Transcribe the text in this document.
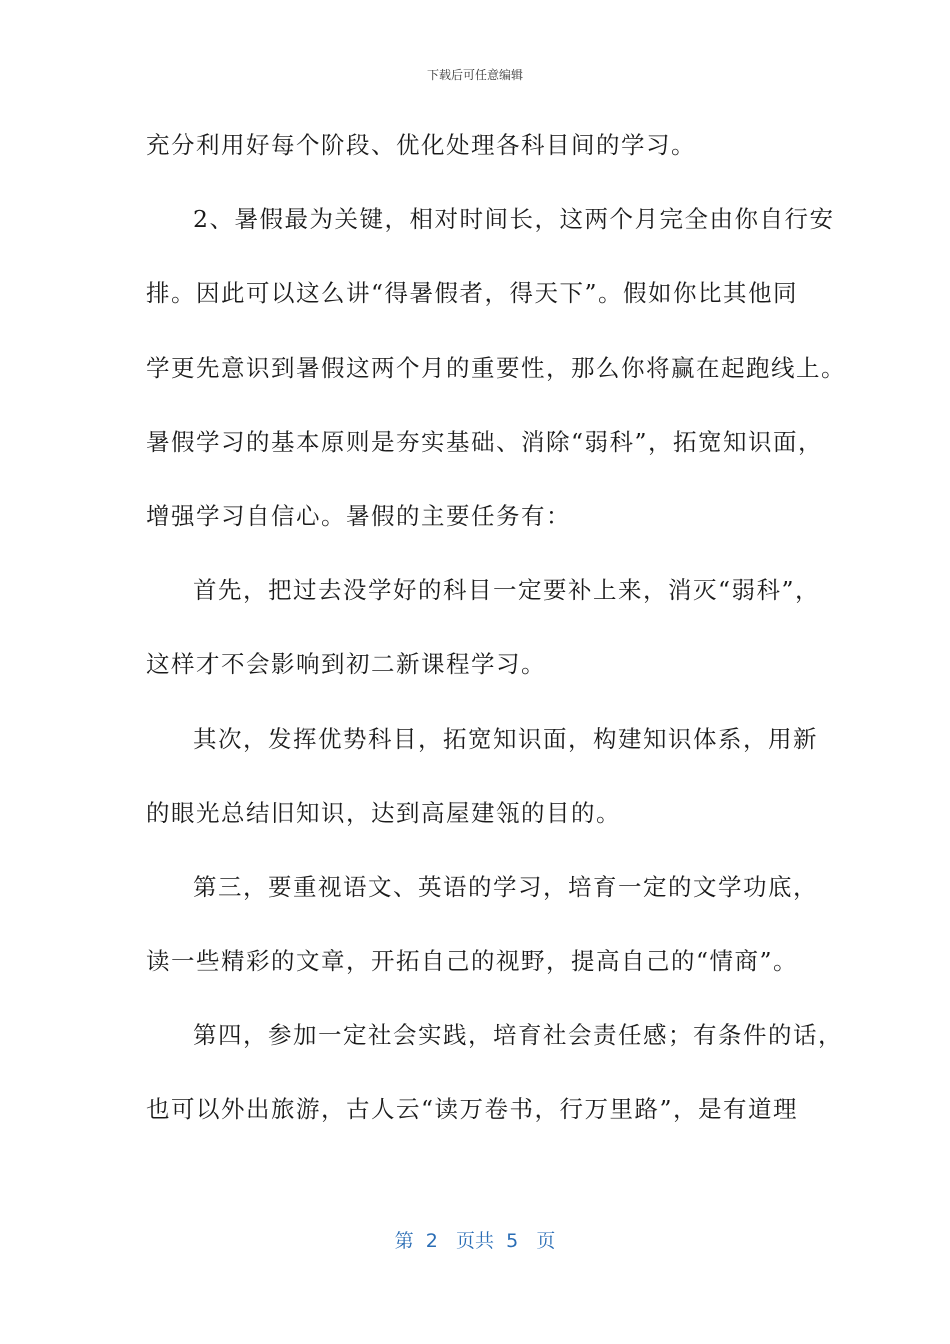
下载后可任意编辑
充分利用好每个阶段、优化处理各科目间的学习。
2、暑假最为关键，相对时间长，这两个月完全由你自行安
排。因此可以这么讲“得暑假者，得天下”。假如你比其他同
学更先意识到暑假这两个月的重要性，那么你将赢在起跑线上。
暑假学习的基本原则是夯实基础、消除“弱科”，拓宽知识面，
增强学习自信心。暑假的主要任务有：
首先，把过去没学好的科目一定要补上来，消灭“弱科”，
这样才不会影响到初二新课程学习。
其次，发挥优势科目，拓宽知识面，构建知识体系，用新
的眼光总结旧知识，达到高屋建瓴的目的。
第三，要重视语文、英语的学习，培育一定的文学功底，
读一些精彩的文章，开拓自己的视野，提高自己的“情商”。
第四，参加一定社会实践，培育社会责任感；有条件的话，
也可以外出旅游，古人云“读万卷书，行万里路”，是有道理
第 2 页共 5 页
